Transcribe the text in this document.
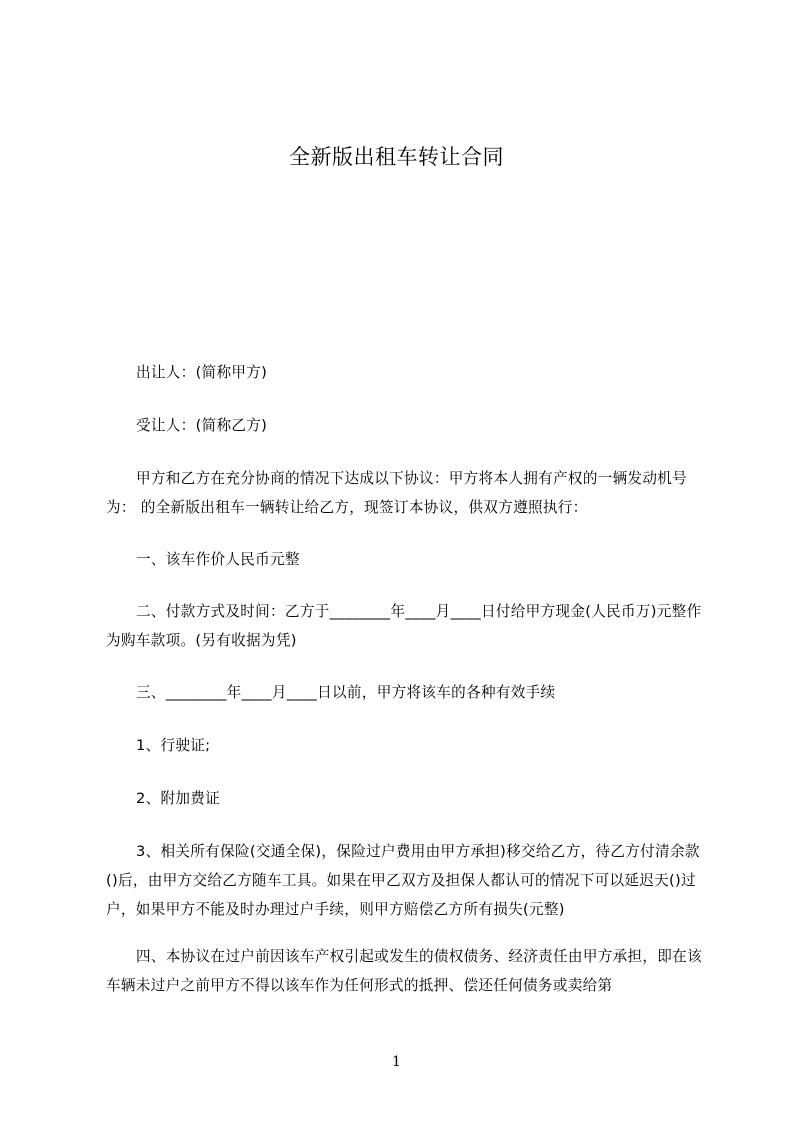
全新版出租车转让合同

出让人：(简称甲方)

受让人：(简称乙方)

甲方和乙方在充分协商的情况下达成以下协议：甲方将本人拥有产权的一辆发动机号为： 的全新版出租车一辆转让给乙方，现签订本协议，供双方遵照执行：

一、该车作价人民币元整

二、付款方式及时间：乙方于________年____月____日付给甲方现金(人民币万)元整作为购车款项。(另有收据为凭)

三、________年____月____日以前，甲方将该车的各种有效手续

1、行驶证;

2、附加费证

3、相关所有保险(交通全保)，保险过户费用由甲方承担)移交给乙方，待乙方付清余款()后，由甲方交给乙方随车工具。如果在甲乙双方及担保人都认可的情况下可以延迟天()过户，如果甲方不能及时办理过户手续，则甲方赔偿乙方所有损失(元整)

四、本协议在过户前因该车产权引起或发生的债权债务、经济责任由甲方承担，即在该车辆未过户之前甲方不得以该车作为任何形式的抵押、偿还任何债务或卖给第

1
